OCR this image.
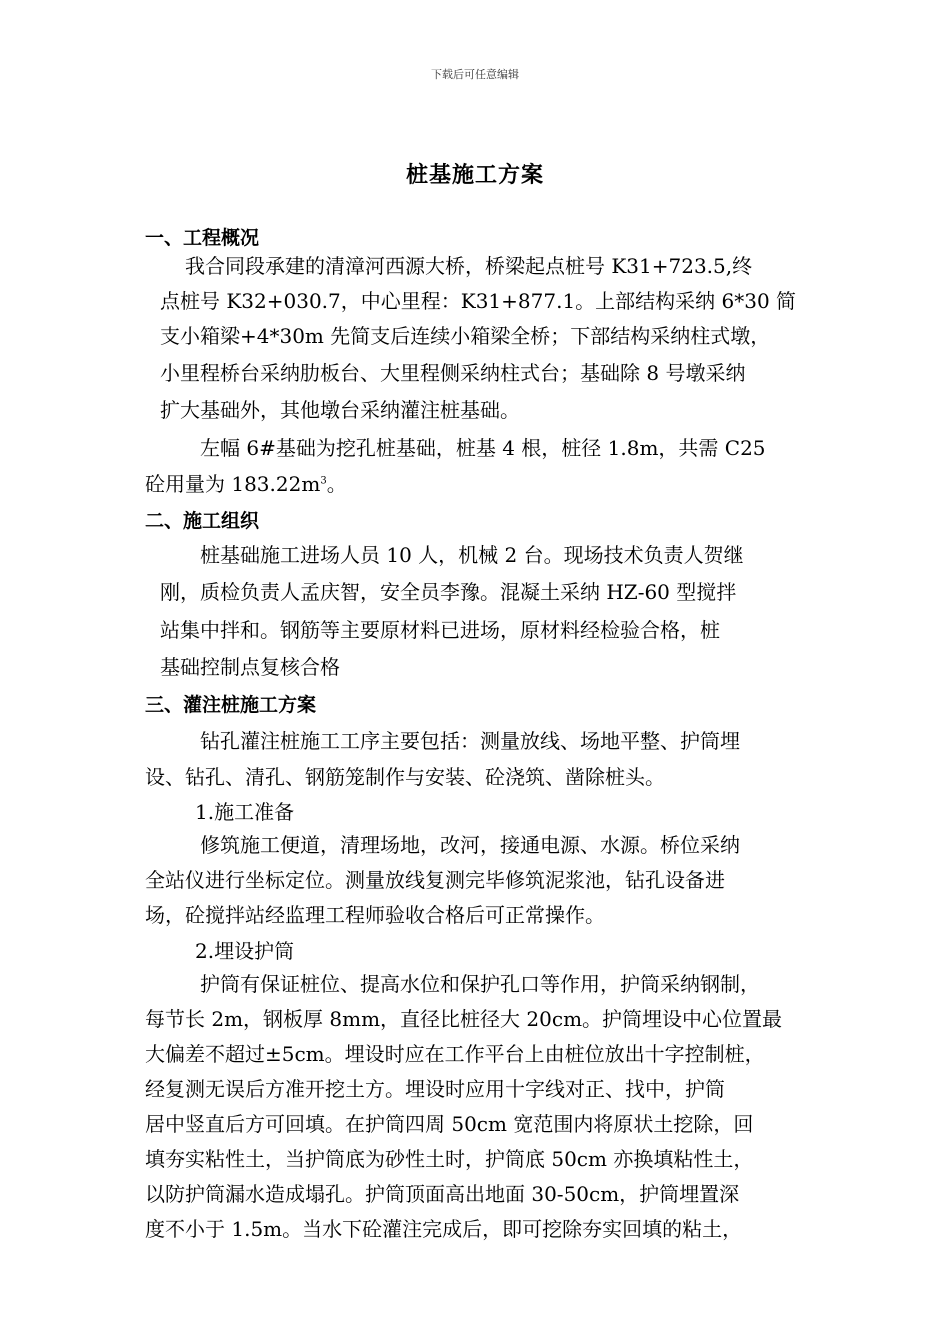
下载后可任意编辑
桩基施工方案
一、工程概况
我合同段承建的清漳河西源大桥，桥梁起点桩号 K31+723.5,终
点桩号 K32+030.7，中心里程：K31+877.1。上部结构采纳 6*30 简
支小箱梁+4*30m 先简支后连续小箱梁全桥；下部结构采纳柱式墩，
小里程桥台采纳肋板台、大里程侧采纳柱式台；基础除 8 号墩采纳
扩大基础外，其他墩台采纳灌注桩基础。
左幅 6#基础为挖孔桩基础，桩基 4 根，桩径 1.8m，共需 C25
砼用量为 $183.22m^3$。
二、施工组织
桩基础施工进场人员 10 人，机械 2 台。现场技术负责人贺继
刚，质检负责人孟庆智，安全员李豫。混凝土采纳 HZ-60 型搅拌
站集中拌和。钢筋等主要原材料已进场，原材料经检验合格，桩
基础控制点复核合格
三、灌注桩施工方案
钻孔灌注桩施工工序主要包括：测量放线、场地平整、护筒埋
设、钻孔、清孔、钢筋笼制作与安装、砼浇筑、凿除桩头。
1.施工准备
修筑施工便道，清理场地，改河，接通电源、水源。桥位采纳
全站仪进行坐标定位。测量放线复测完毕修筑泥浆池，钻孔设备进
场，砼搅拌站经监理工程师验收合格后可正常操作。
2.埋设护筒
护筒有保证桩位、提高水位和保护孔口等作用，护筒采纳钢制，
每节长 2m，钢板厚 8mm，直径比桩径大 20cm。护筒埋设中心位置最
大偏差不超过±5cm。埋设时应在工作平台上由桩位放出十字控制桩，
经复测无误后方准开挖土方。埋设时应用十字线对正、找中，护筒
居中竖直后方可回填。在护筒四周 50cm 宽范围内将原状土挖除，回
填夯实粘性土，当护筒底为砂性土时，护筒底 50cm 亦换填粘性土，
以防护筒漏水造成塌孔。护筒顶面高出地面 30-50cm，护筒埋置深
度不小于 1.5m。当水下砼灌注完成后，即可挖除夯实回填的粘土，
